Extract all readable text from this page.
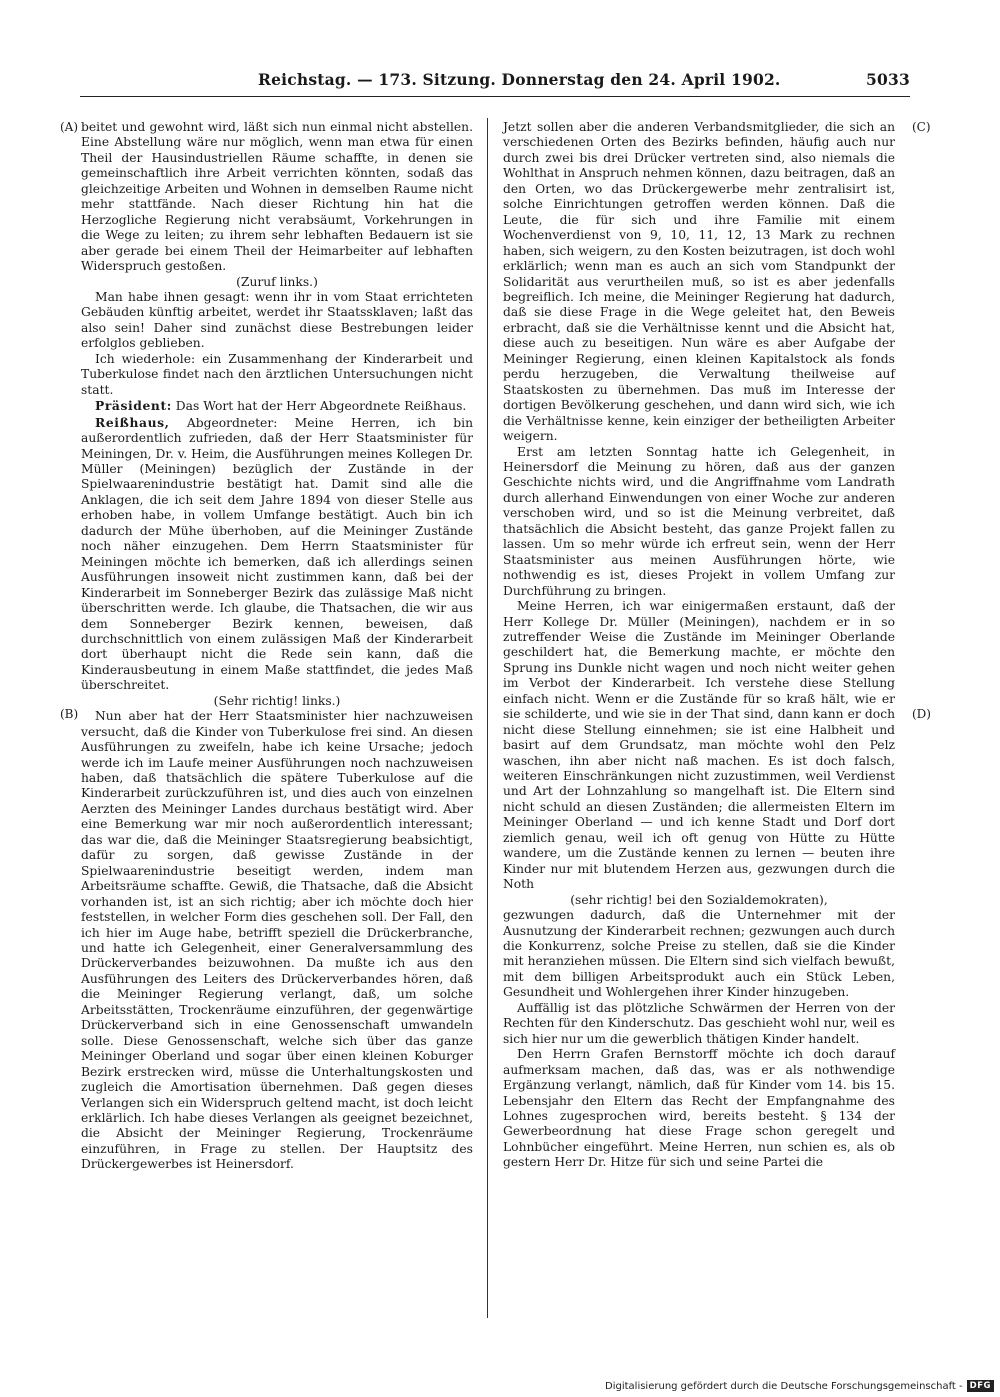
Reichstag. — 173. Sitzung. Donnerstag den 24. April 1902.	5033
(A)
(B)
(C)
(D)

beitet und gewohnt wird, läßt sich nun einmal nicht abstellen. Eine Abstellung wäre nur möglich, wenn man etwa für einen Theil der Hausindustriellen Räume schaffte, in denen sie gemeinschaftlich ihre Arbeit verrichten könnten, sodaß das gleichzeitige Arbeiten und Wohnen in demselben Raume nicht mehr stattfände. Nach dieser Richtung hin hat die Herzogliche Regierung nicht verabsäumt, Vorkehrungen in die Wege zu leiten; zu ihrem sehr lebhaften Bedauern ist sie aber gerade bei einem Theil der Heimarbeiter auf lebhaften Widerspruch gestoßen.

(Zuruf links.)

Man habe ihnen gesagt: wenn ihr in vom Staat errichteten Gebäuden künftig arbeitet, werdet ihr Staatssklaven; laßt das also sein! Daher sind zunächst diese Bestrebungen leider erfolglos geblieben.

Ich wiederhole: ein Zusammenhang der Kinderarbeit und Tuberkulose findet nach den ärztlichen Untersuchungen nicht statt.

Präsident: Das Wort hat der Herr Abgeordnete Reißhaus.

Reißhaus, Abgeordneter: Meine Herren, ich bin außerordentlich zufrieden, daß der Herr Staatsminister für Meiningen, Dr. v. Heim, die Ausführungen meines Kollegen Dr. Müller (Meiningen) bezüglich der Zustände in der Spielwaarenindustrie bestätigt hat. Damit sind alle die Anklagen, die ich seit dem Jahre 1894 von dieser Stelle aus erhoben habe, in vollem Umfange bestätigt. Auch bin ich dadurch der Mühe überhoben, auf die Meininger Zustände noch näher einzugehen. Dem Herrn Staatsminister für Meiningen möchte ich bemerken, daß ich allerdings seinen Ausführungen insoweit nicht zustimmen kann, daß bei der Kinderarbeit im Sonneberger Bezirk das zulässige Maß nicht überschritten werde. Ich glaube, die Thatsachen, die wir aus dem Sonneberger Bezirk kennen, beweisen, daß durchschnittlich von einem zulässigen Maß der Kinderarbeit dort überhaupt nicht die Rede sein kann, daß die Kinderausbeutung in einem Maße stattfindet, die jedes Maß überschreitet.

(Sehr richtig! links.)

Nun aber hat der Herr Staatsminister hier nachzuweisen versucht, daß die Kinder von Tuberkulose frei sind. An diesen Ausführungen zu zweifeln, habe ich keine Ursache; jedoch werde ich im Laufe meiner Ausführungen noch nachzuweisen haben, daß thatsächlich die spätere Tuberkulose auf die Kinderarbeit zurückzuführen ist, und dies auch von einzelnen Aerzten des Meininger Landes durchaus bestätigt wird. Aber eine Bemerkung war mir noch außerordentlich interessant; das war die, daß die Meininger Staatsregierung beabsichtigt, dafür zu sorgen, daß gewisse Zustände in der Spielwaarenindustrie beseitigt werden, indem man Arbeitsräume schaffte. Gewiß, die Thatsache, daß die Absicht vorhanden ist, ist an sich richtig; aber ich möchte doch hier feststellen, in welcher Form dies geschehen soll. Der Fall, den ich hier im Auge habe, betrifft speziell die Drückerbranche, und hatte ich Gelegenheit, einer Generalversammlung des Drückerverbandes beizuwohnen. Da mußte ich aus den Ausführungen des Leiters des Drückerverbandes hören, daß die Meininger Regierung verlangt, daß, um solche Arbeitsstätten, Trockenräume einzuführen, der gegenwärtige Drückerverband sich in eine Genossenschaft umwandeln solle. Diese Genossenschaft, welche sich über das ganze Meininger Oberland und sogar über einen kleinen Koburger Bezirk erstrecken wird, müsse die Unterhaltungskosten und zugleich die Amortisation übernehmen. Daß gegen dieses Verlangen sich ein Widerspruch geltend macht, ist doch leicht erklärlich. Ich habe dieses Verlangen als geeignet bezeichnet, die Absicht der Meininger Regierung, Trockenräume einzuführen, in Frage zu stellen. Der Hauptsitz des Drückergewerbes ist Heinersdorf.

Jetzt sollen aber die anderen Verbandsmitglieder, die sich an verschiedenen Orten des Bezirks befinden, häufig auch nur durch zwei bis drei Drücker vertreten sind, also niemals die Wohlthat in Anspruch nehmen können, dazu beitragen, daß an den Orten, wo das Drückergewerbe mehr zentralisirt ist, solche Einrichtungen getroffen werden können. Daß die Leute, die für sich und ihre Familie mit einem Wochenverdienst von 9, 10, 11, 12, 13 Mark zu rechnen haben, sich weigern, zu den Kosten beizutragen, ist doch wohl erklärlich; wenn man es auch an sich vom Standpunkt der Solidarität aus verurtheilen muß, so ist es aber jedenfalls begreiflich. Ich meine, die Meininger Regierung hat dadurch, daß sie diese Frage in die Wege geleitet hat, den Beweis erbracht, daß sie die Verhältnisse kennt und die Absicht hat, diese auch zu beseitigen. Nun wäre es aber Aufgabe der Meininger Regierung, einen kleinen Kapitalstock als fonds perdu herzugeben, die Verwaltung theilweise auf Staatskosten zu übernehmen. Das muß im Interesse der dortigen Bevölkerung geschehen, und dann wird sich, wie ich die Verhältnisse kenne, kein einziger der betheiligten Arbeiter weigern.

Erst am letzten Sonntag hatte ich Gelegenheit, in Heinersdorf die Meinung zu hören, daß aus der ganzen Geschichte nichts wird, und die Angriffnahme vom Landrath durch allerhand Einwendungen von einer Woche zur anderen verschoben wird, und so ist die Meinung verbreitet, daß thatsächlich die Absicht besteht, das ganze Projekt fallen zu lassen. Um so mehr würde ich erfreut sein, wenn der Herr Staatsminister aus meinen Ausführungen hörte, wie nothwendig es ist, dieses Projekt in vollem Umfang zur Durchführung zu bringen.

Meine Herren, ich war einigermaßen erstaunt, daß der Herr Kollege Dr. Müller (Meiningen), nachdem er in so zutreffender Weise die Zustände im Meininger Oberlande geschildert hat, die Bemerkung machte, er möchte den Sprung ins Dunkle nicht wagen und noch nicht weiter gehen im Verbot der Kinderarbeit. Ich verstehe diese Stellung einfach nicht. Wenn er die Zustände für so kraß hält, wie er sie schilderte, und wie sie in der That sind, dann kann er doch nicht diese Stellung einnehmen; sie ist eine Halbheit und basirt auf dem Grundsatz, man möchte wohl den Pelz waschen, ihn aber nicht naß machen. Es ist doch falsch, weiteren Einschränkungen nicht zuzustimmen, weil Verdienst und Art der Lohnzahlung so mangelhaft ist. Die Eltern sind nicht schuld an diesen Zuständen; die allermeisten Eltern im Meininger Oberland — und ich kenne Stadt und Dorf dort ziemlich genau, weil ich oft genug von Hütte zu Hütte wandere, um die Zustände kennen zu lernen — beuten ihre Kinder nur mit blutendem Herzen aus, gezwungen durch die Noth

(sehr richtig! bei den Sozialdemokraten),

gezwungen dadurch, daß die Unternehmer mit der Ausnutzung der Kinderarbeit rechnen; gezwungen auch durch die Konkurrenz, solche Preise zu stellen, daß sie die Kinder mit heranziehen müssen. Die Eltern sind sich vielfach bewußt, mit dem billigen Arbeitsprodukt auch ein Stück Leben, Gesundheit und Wohlergehen ihrer Kinder hinzugeben.

Auffällig ist das plötzliche Schwärmen der Herren von der Rechten für den Kinderschutz. Das geschieht wohl nur, weil es sich hier nur um die gewerblich thätigen Kinder handelt.

Den Herrn Grafen Bernstorff möchte ich doch darauf aufmerksam machen, daß das, was er als nothwendige Ergänzung verlangt, nämlich, daß für Kinder vom 14. bis 15. Lebensjahr den Eltern das Recht der Empfangnahme des Lohnes zugesprochen wird, bereits besteht. § 134 der Gewerbeordnung hat diese Frage schon geregelt und Lohnbücher eingeführt. Meine Herren, nun schien es, als ob gestern Herr Dr. Hitze für sich und seine Partei die

Digitalisierung gefördert durch die Deutsche Forschungsgemeinschaft - DFG
